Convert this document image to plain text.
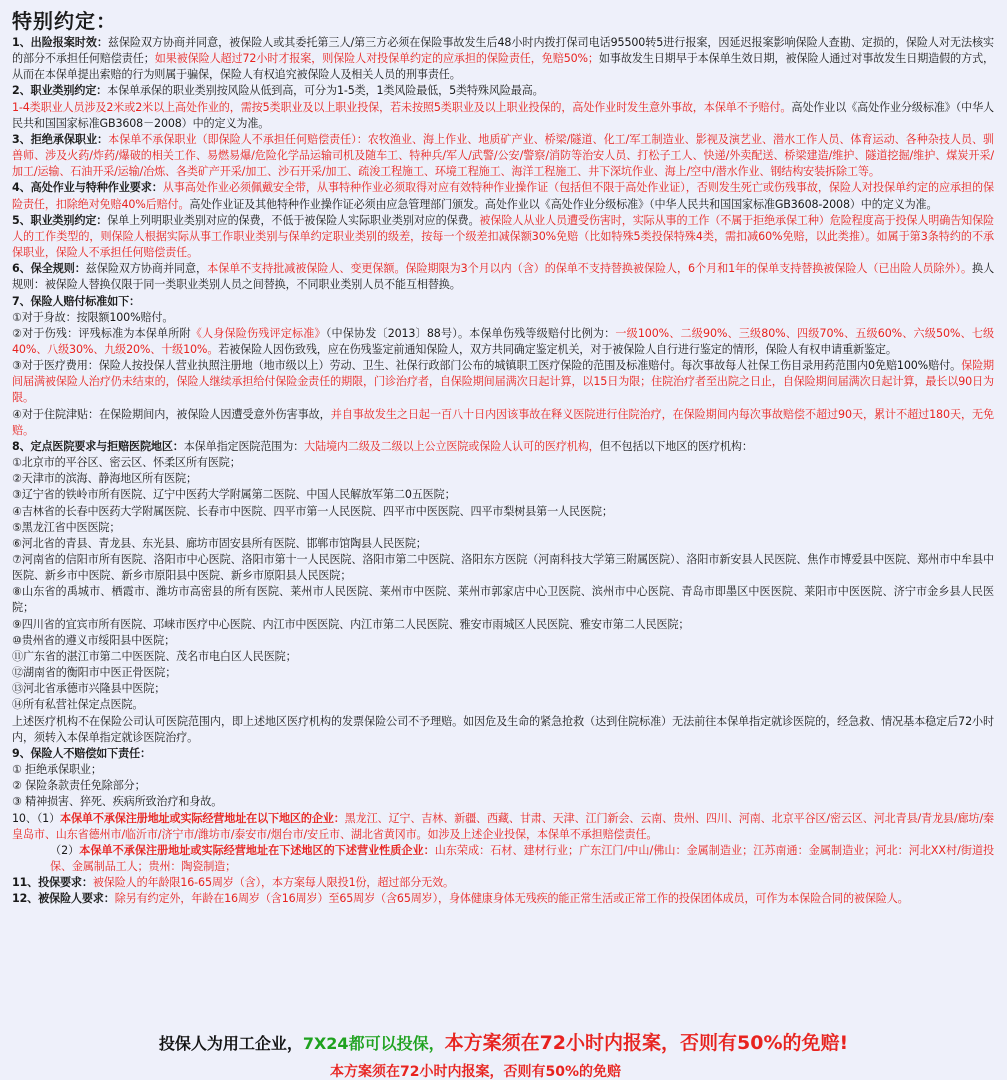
特别约定：

1、出险报案时效：兹保险双方协商并同意，被保险人或其委托第三人/第三方必须在保险事故发生后48小时内拨打保司电话95500转5进行报案，因延迟报案影响保险人查勘、定损的，保险人对无法核实的部分不承担任何赔偿责任；如果被保险人超过72小时才报案，则保险人对投保单约定的应承担的保险责任，免赔50%；如事故发生日期早于本保单生效日期，被保险人通过对事故发生日期造假的方式，从而在本保单提出索赔的行为则属于骗保，保险人有权追究被保险人及相关人员的刑事责任。

2、职业类别约定：本保单承保的职业类别按风险从低到高，可分为1-5类，1类风险最低，5类特殊风险最高。
1-4类职业人员涉及2米或2米以上高处作业的，需按5类职业及以上职业投保，若未按照5类职业及以上职业投保的，高处作业时发生意外事故，本保单不予赔付。高处作业以《高处作业分级标准》（中华人民共和国国家标准GB3608－2008）中的定义为准。

3、拒绝承保职业：本保单不承保职业（即保险人不承担任何赔偿责任）：农牧渔业、海上作业、地质矿产业、桥梁/隧道、化工/军工制造业、影视及演艺业、潜水工作人员、体育运动、各种杂技人员、驯兽师、涉及火药/炸药/爆破的相关工作、易燃易爆/危险化学品运输司机及随车工、特种兵/军人/武警/公安/警察/消防等治安人员、打松子工人、快递/外卖配送、桥梁建造/维护、隧道挖掘/维护、煤炭开采/加工/运输、石油开采/运输/冶炼、各类矿产开采/加工、沙石开采/加工、疏浚工程施工、环境工程施工、海洋工程施工、井下深坑作业、海上/空中/潜水作业、钢结构安装拆除工等。

4、高处作业与特种作业要求：从事高处作业必须佩戴安全带，从事特种作业必须取得对应有效特种作业操作证（包括但不限于高处作业证），否则发生死亡或伤残事故，保险人对投保单约定的应承担的保险责任，扣除绝对免赔40%后赔付。高处作业证及其他特种作业操作证必须由应急管理部门颁发。高处作业以《高处作业分级标准》（中华人民共和国国家标准GB3608-2008）中的定义为准。

5、职业类别约定：保单上列明职业类别对应的保费，不低于被保险人实际职业类别对应的保费。被保险人从业人员遭受伤害时，实际从事的工作（不属于拒绝承保工种）危险程度高于投保人明确告知保险人的工作类型的，则保险人根据实际从事工作职业类别与保单约定职业类别的级差，按每一个级差扣减保额30%免赔（比如特殊5类投保特殊4类，需扣减60%免赔，以此类推）。如属于第3条特约的不承保职业，保险人不承担任何赔偿责任。

6、保全规则：兹保险双方协商并同意，本保单不支持批减被保险人、变更保额。保险期限为3个月以内（含）的保单不支持替换被保险人，6个月和1年的保单支持替换被保险人（已出险人员除外）。换人规则：被保险人替换仅限于同一类职业类别人员之间替换，不同职业类别人员不能互相替换。

7、保险人赔付标准如下：

①对于身故：按限额100%赔付。

②对于伤残：评残标准为本保单所附《人身保险伤残评定标准》（中保协发〔2013〕88号）。本保单伤残等级赔付比例为：一级100%、二级90%、三级80%、四级70%、五级60%、六级50%、七级40%、八级30%、九级20%、十级10%。若被保险人因伤致残，应在伤残鉴定前通知保险人，双方共同确定鉴定机关，对于被保险人自行进行鉴定的情形，保险人有权申请重新鉴定。

③对于医疗费用：保险人按投保人营业执照注册地（地市级以上）劳动、卫生、社保行政部门公布的城镇职工医疗保险的范围及标准赔付。每次事故每人社保工伤目录用药范围内0免赔100%赔付。保险期间届满被保险人治疗仍未结束的，保险人继续承担给付保险金责任的期限，门诊治疗者，自保险期间届满次日起计算，以15日为限；住院治疗者至出院之日止，自保险期间届满次日起计算，最长以90日为限。

④对于住院津贴：在保险期间内，被保险人因遭受意外伤害事故，并自事故发生之日起一百八十日内因该事故在释义医院进行住院治疗，在保险期间内每次事故赔偿不超过90天，累计不超过180天，无免赔。

8、定点医院要求与拒赔医院地区：本保单指定医院范围为：大陆境内二级及二级以上公立医院或保险人认可的医疗机构，但不包括以下地区的医疗机构：

①北京市的平谷区、密云区、怀柔区所有医院；

②天津市的滨海、静海地区所有医院；

③辽宁省的铁岭市所有医院、辽宁中医药大学附属第二医院、中国人民解放军第二0五医院；

④吉林省的长春中医药大学附属医院、长春市中医院、四平市第一人民医院、四平市中医医院、四平市梨树县第一人民医院；

⑤黑龙江省中医医院；

⑥河北省的青县、青龙县、东光县、廊坊市固安县所有医院、邯郸市馆陶县人民医院；

⑦河南省的信阳市所有医院、洛阳市中心医院、洛阳市第十一人民医院、洛阳市第二中医院、洛阳东方医院（河南科技大学第三附属医院）、洛阳市新安县人民医院、焦作市博爱县中医院、郑州市中牟县中医院、新乡市中医院、新乡市原阳县中医院、新乡市原阳县人民医院；

⑧山东省的禹城市、栖霞市、潍坊市高密县的所有医院、莱州市人民医院、莱州市中医院、莱州市郭家店中心卫医院、滨州市中心医院、青岛市即墨区中医医院、莱阳市中医医院、济宁市金乡县人民医院；

⑨四川省的宜宾市所有医院、邛崃市医疗中心医院、内江市中医医院、内江市第二人民医院、雅安市雨城区人民医院、雅安市第二人民医院；

⑩贵州省的遵义市绥阳县中医院；

⑪广东省的湛江市第二中医医院、茂名市电白区人民医院；

⑫湖南省的衡阳市中医正骨医院；

⑬河北省承德市兴隆县中医院；

⑭所有私营社保定点医院。

上述医疗机构不在保险公司认可医院范围内，即上述地区医疗机构的发票保险公司不予理赔。如因危及生命的紧急抢救（达到住院标准）无法前往本保单指定就诊医院的，经急救、情况基本稳定后72小时内，须转入本保单指定就诊医院治疗。

9、保险人不赔偿如下责任：

① 拒绝承保职业；

② 保险条款责任免除部分；

③ 精神损害、猝死、疾病所致治疗和身故。

10、（1）本保单不承保注册地址或实际经营地址在以下地区的企业：黑龙江、辽宁、吉林、新疆、西藏、甘肃、天津、江门新会、云南、贵州、四川、河南、北京平谷区/密云区、河北青县/青龙县/廊坊/秦皇岛市、山东省德州市/临沂市/济宁市/潍坊市/泰安市/烟台市/安丘市、湖北省黄冈市。如涉及上述企业投保，本保单不承担赔偿责任。

（2）本保单不承保注册地址或实际经营地址在下述地区的下述营业性质企业：山东荣成：石材、建材行业；广东江门/中山/佛山：金属制造业；江苏南通：金属制造业；河北：河北XX村/街道投保、金属制品工人；贵州：陶瓷制造；

11、投保要求：被保险人的年龄限16-65周岁（含），本方案每人限投1份，超过部分无效。

12、被保险人要求：除另有约定外，年龄在16周岁（含16周岁）至65周岁（含65周岁），身体健康身体无残疾的能正常生活或正常工作的投保团体成员，可作为本保险合同的被保险人。

投保人为用工企业，7X24都可以投保，本方案须在72小时内报案，否则有50%的免赔!
本方案须在72小时内报案，否则有50%的免赔
